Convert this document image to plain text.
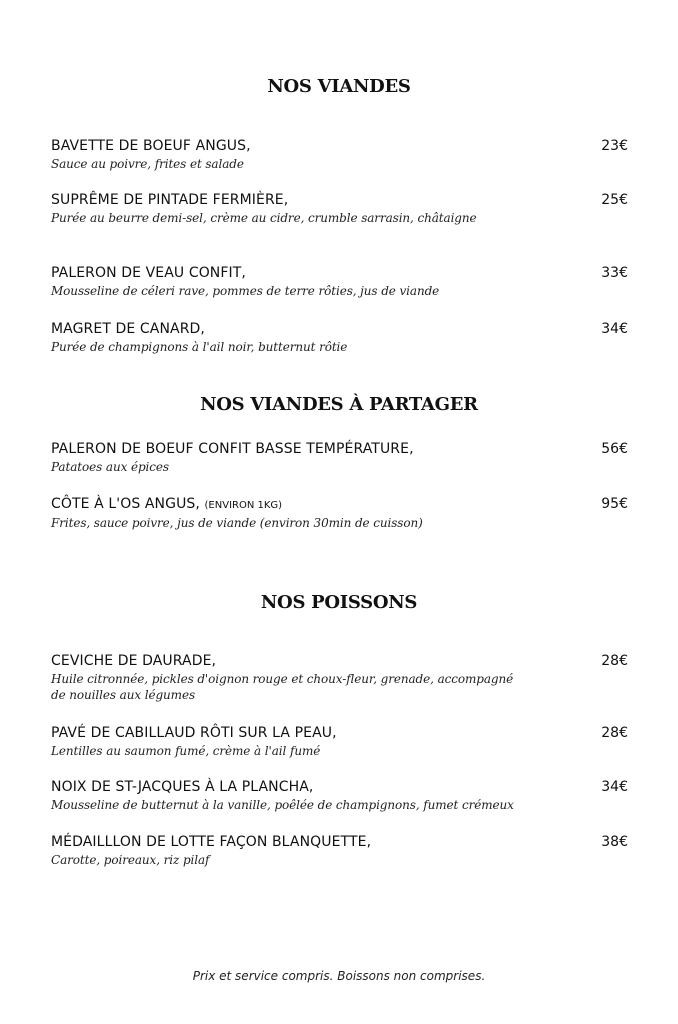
NOS VIANDES
BAVETTE DE BOEUF ANGUS,
Sauce au poivre, frites et salade
23€
SUPRÊME DE PINTADE FERMIÈRE,
Purée au beurre demi-sel, crème au cidre, crumble sarrasin, châtaigne
25€
PALERON DE VEAU CONFIT,
Mousseline de céleri rave, pommes de terre rôties, jus de viande
33€
MAGRET DE CANARD,
Purée de champignons à l'ail noir, butternut rôtie
34€
NOS VIANDES À PARTAGER
PALERON DE BOEUF CONFIT BASSE TEMPÉRATURE,
Patatoes aux épices
56€
CÔTE À L'OS ANGUS, (ENVIRON 1KG)
Frites, sauce poivre, jus de viande (environ 30min de cuisson)
95€
NOS POISSONS
CEVICHE DE DAURADE,
Huile citronnée, pickles d'oignon rouge et choux-fleur, grenade, accompagné de nouilles aux légumes
28€
PAVÉ DE CABILLAUD RÔTI SUR LA PEAU,
Lentilles au saumon fumé, crème à l'ail fumé
28€
NOIX DE ST-JACQUES À LA PLANCHA,
Mousseline de butternut à la vanille, poêlée de champignons, fumet crémeux
34€
MÉDAILLLON DE LOTTE FAÇON BLANQUETTE,
Carotte, poireaux, riz pilaf
38€
Prix et service compris. Boissons non comprises.
